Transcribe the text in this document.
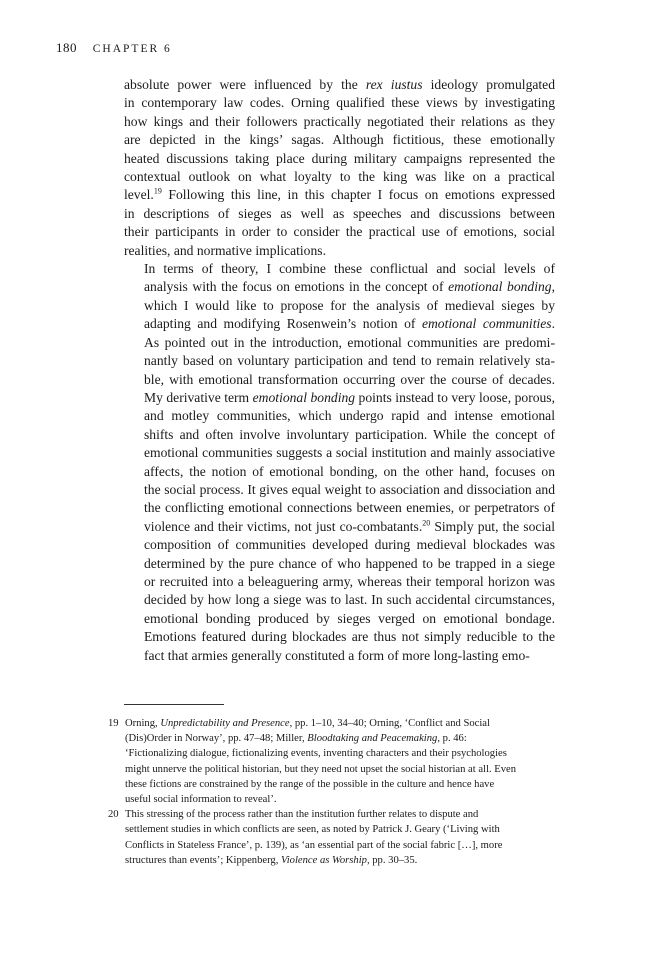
180 CHAPTER 6

absolute power were influenced by the rex iustus ideology promulgated
in contemporary law codes. Orning qualified these views by investigating
how kings and their followers practically negotiated their relations as they
are depicted in the kings’ sagas. Although fictitious, these emotionally
heated discussions taking place during military campaigns represented the
contextual outlook on what loyalty to the king was like on a practical
level.$^{19}$ Following this line, in this chapter I focus on emotions expressed
in descriptions of sieges as well as speeches and discussions between
their participants in order to consider the practical use of emotions, social
realities, and normative implications.

In terms of theory, I combine these conflictual and social levels of
analysis with the focus on emotions in the concept of emotional bonding,
which I would like to propose for the analysis of medieval sieges by
adapting and modifying Rosenwein’s notion of emotional communities.
As pointed out in the introduction, emotional communities are predomi-
nantly based on voluntary participation and tend to remain relatively sta-
ble, with emotional transformation occurring over the course of decades.
My derivative term emotional bonding points instead to very loose, porous,
and motley communities, which undergo rapid and intense emotional
shifts and often involve involuntary participation. While the concept of
emotional communities suggests a social institution and mainly associative
affects, the notion of emotional bonding, on the other hand, focuses on
the social process. It gives equal weight to association and dissociation and
the conflicting emotional connections between enemies, or perpetrators of
violence and their victims, not just co-combatants.$^{20}$ Simply put, the social
composition of communities developed during medieval blockades was
determined by the pure chance of who happened to be trapped in a siege
or recruited into a beleaguering army, whereas their temporal horizon was
decided by how long a siege was to last. In such accidental circumstances,
emotional bonding produced by sieges verged on emotional bondage.
Emotions featured during blockades are thus not simply reducible to the
fact that armies generally constituted a form of more long-lasting emo-

19 Orning, Unpredictability and Presence, pp. 1–10, 34–40; Orning, ‘Conflict and Social
(Dis)Order in Norway’, pp. 47–48; Miller, Bloodtaking and Peacemaking, p. 46:
‘Fictionalizing dialogue, fictionalizing events, inventing characters and their psychologies
might unnerve the political historian, but they need not upset the social historian at all. Even
these fictions are constrained by the range of the possible in the culture and hence have
useful social information to reveal’.
20 This stressing of the process rather than the institution further relates to dispute and
settlement studies in which conflicts are seen, as noted by Patrick J. Geary (‘Living with
Conflicts in Stateless France’, p. 139), as ‘an essential part of the social fabric […], more
structures than events’; Kippenberg, Violence as Worship, pp. 30–35.
